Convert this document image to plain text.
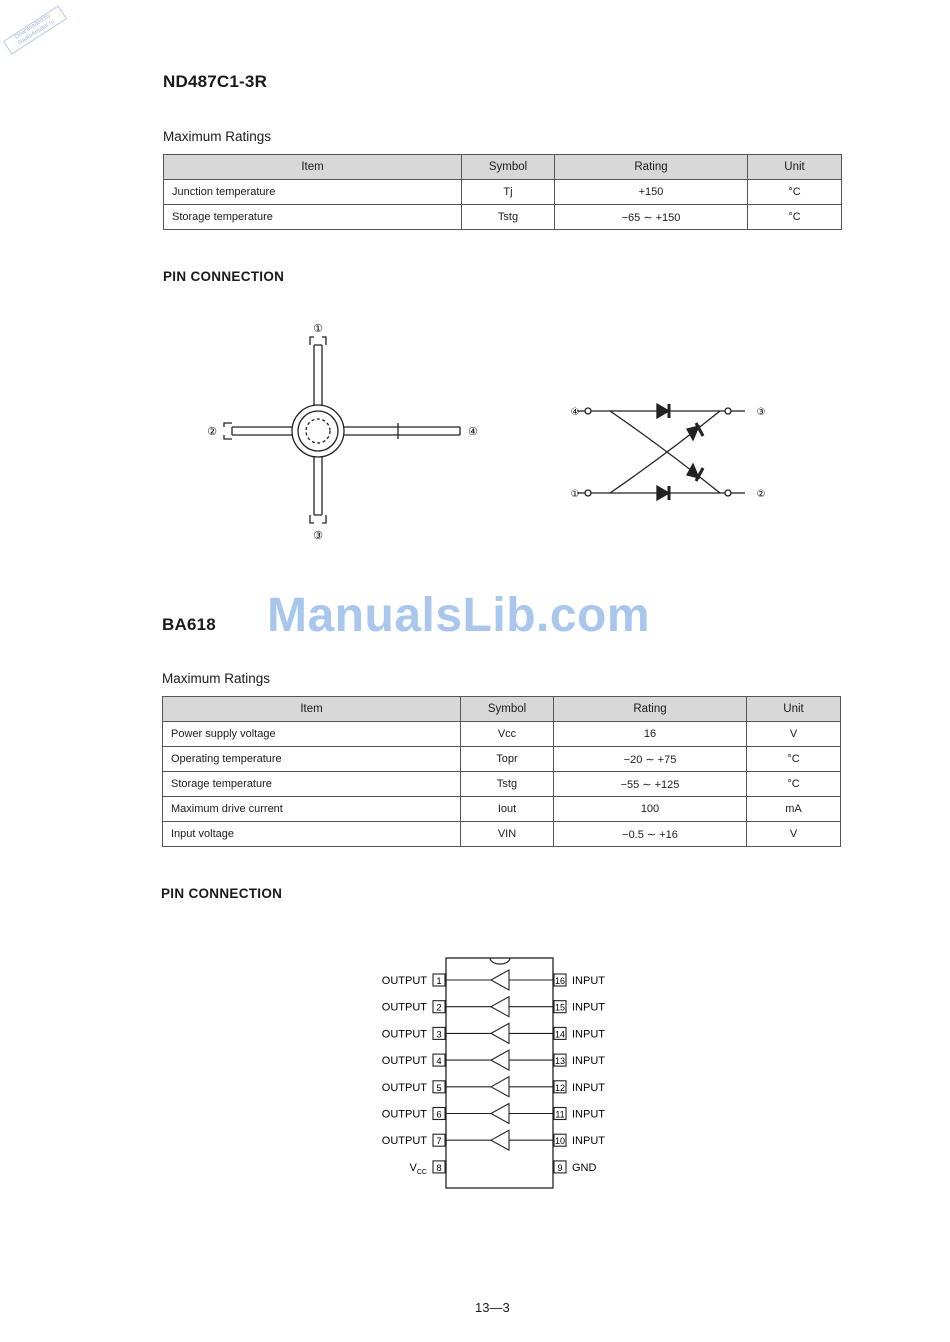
Downloaded by RadioAmator.ru
ND487C1-3R
Maximum Ratings
Item	Symbol	Rating	Unit
Junction temperature	Tj	+150	°C
Storage temperature	Tstg	−65 ∼ +150	°C
PIN CONNECTION
①
④
③
②
④	③
①	②
ManualsLib.com
BA618
Maximum Ratings
Item	Symbol	Rating	Unit
Power supply voltage	Vcc	16	V
Operating temperature	Topr	−20 ∼ +75	°C
Storage temperature	Tstg	−55 ∼ +125	°C
Maximum drive current	Iout	100	mA
Input voltage	VIN	−0.5 ∼ +16	V
PIN CONNECTION
1
OUTPUT
2
OUTPUT
3
OUTPUT
4
OUTPUT
5
OUTPUT
6
OUTPUT
7
OUTPUT
8
$V_{CC}$
16 INPUT
15 INPUT
14 INPUT
13 INPUT
12 INPUT
11 INPUT
10 INPUT
9 GND
13—3
